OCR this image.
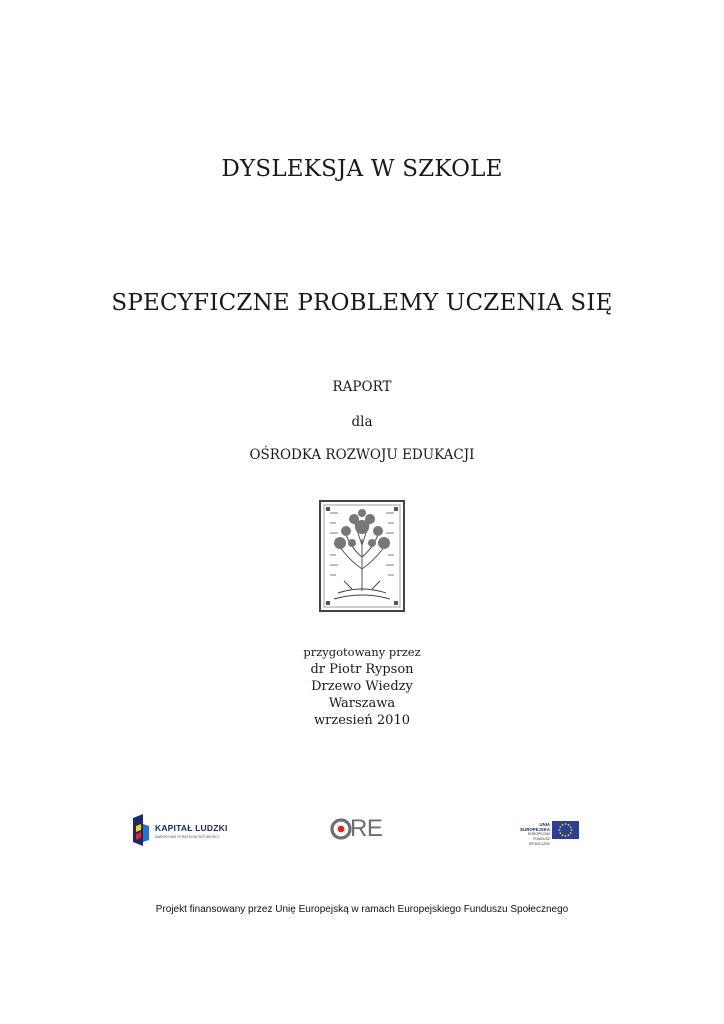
DYSLEKSJA W SZKOLE
SPECYFICZNE PROBLEMY UCZENIA SIĘ
RAPORT
dla
OŚRODKA ROZWOJU EDUKACJI
przygotowany przez
dr Piotr Rypson
Drzewo Wiedzy
Warszawa
wrzesień 2010
KAPITAŁ LUDZKI
NARODOWA STRATEGIA SPÓJNOŚCI	RE	UNIA EUROPEJSKA
EUROPEJSKI
FUNDUSZ SPOŁECZNY
Projekt finansowany przez Unię Europejską w ramach Europejskiego Funduszu Społecznego
